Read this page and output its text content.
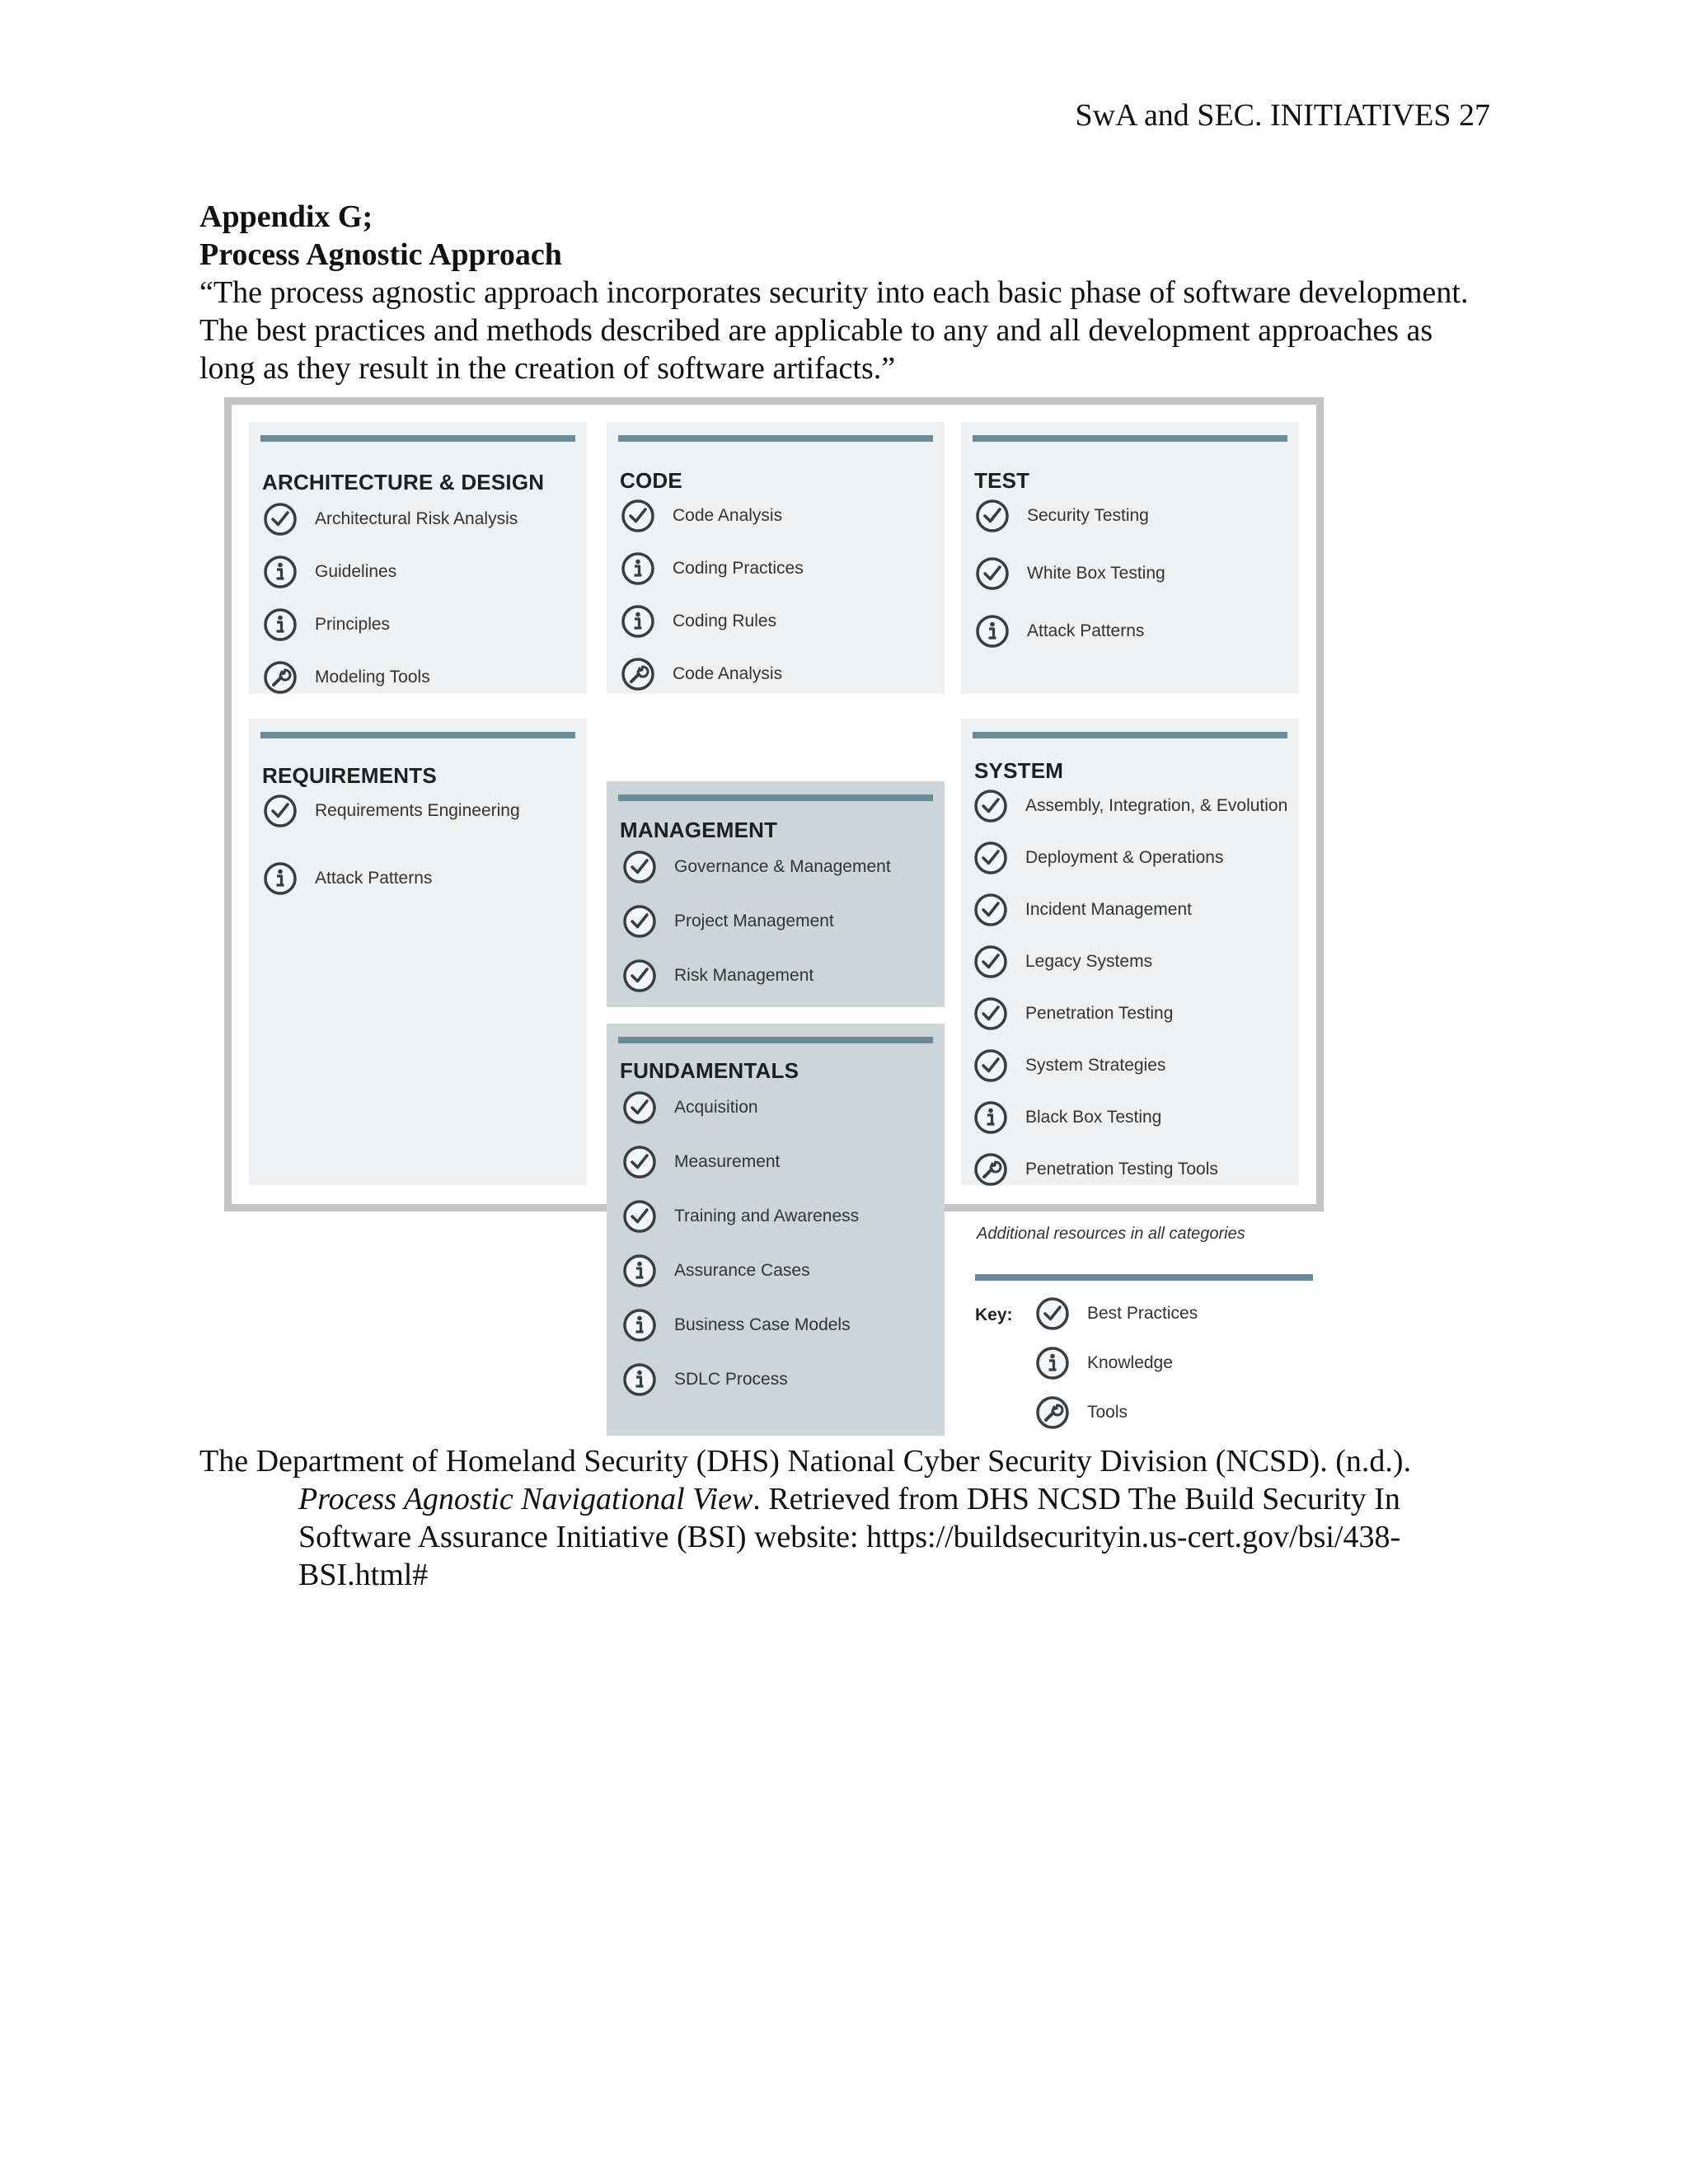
SwA and SEC. INITIATIVES 27
Appendix G;
Process Agnostic Approach
“The process agnostic approach incorporates security into each basic phase of software development. The best practices and methods described are applicable to any and all development approaches as long as they result in the creation of software artifacts.”
ARCHITECTURE & DESIGN
Architectural Risk Analysis
Guidelines
Principles
Modeling Tools
CODE
Code Analysis
Coding Practices
Coding Rules
Code Analysis
TEST
Security Testing
White Box Testing
Attack Patterns
REQUIREMENTS
Requirements Engineering
Attack Patterns
MANAGEMENT
Governance & Management
Project Management
Risk Management
FUNDAMENTALS
Acquisition
Measurement
Training and Awareness
Assurance Cases
Business Case Models
SDLC Process
SYSTEM
Assembly, Integration, & Evolution
Deployment & Operations
Incident Management
Legacy Systems
Penetration Testing
System Strategies
Black Box Testing
Penetration Testing Tools
Additional resources in all categories
Key:	Best Practices
Knowledge
Tools
The Department of Homeland Security (DHS) National Cyber Security Division (NCSD). (n.d.). Process Agnostic Navigational View. Retrieved from DHS NCSD The Build Security In Software Assurance Initiative (BSI) website: https://buildsecurityin.us-cert.gov/bsi/438-BSI.html#
